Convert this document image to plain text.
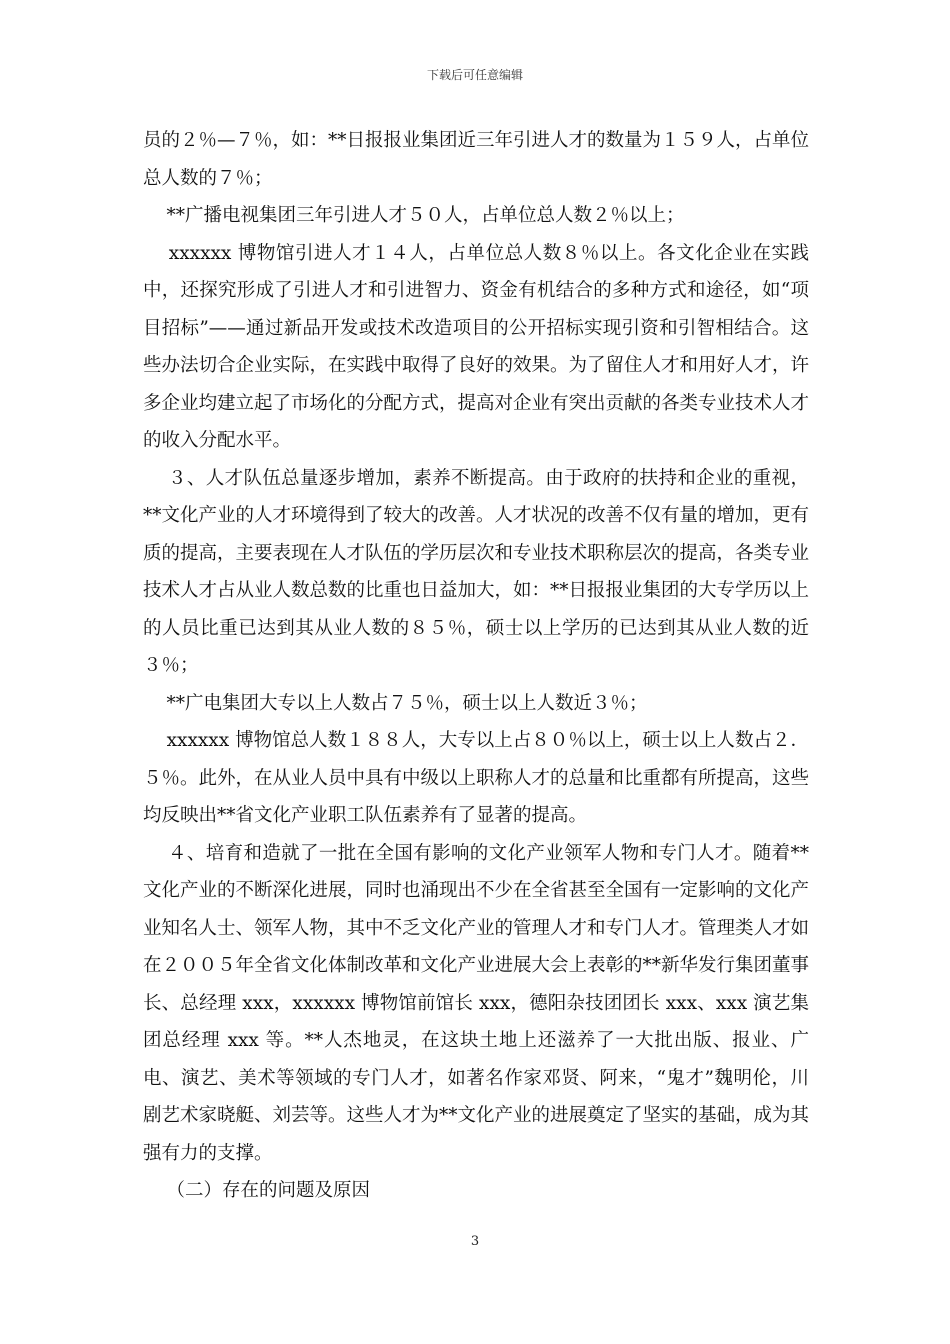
下载后可任意编辑

员的２％—７％，如：**日报报业集团近三年引进人才的数量为１５９人，占单位总人数的７％；

**广播电视集团三年引进人才５０人，占单位总人数２％以上；

xxxxxx 博物馆引进人才１４人，占单位总人数８％以上。各文化企业在实践中，还探究形成了引进人才和引进智力、资金有机结合的多种方式和途径，如“项目招标”——通过新品开发或技术改造项目的公开招标实现引资和引智相结合。这些办法切合企业实际，在实践中取得了良好的效果。为了留住人才和用好人才，许多企业均建立起了市场化的分配方式，提高对企业有突出贡献的各类专业技术人才的收入分配水平。

３、人才队伍总量逐步增加，素养不断提高。由于政府的扶持和企业的重视，**文化产业的人才环境得到了较大的改善。人才状况的改善不仅有量的增加，更有质的提高，主要表现在人才队伍的学历层次和专业技术职称层次的提高，各类专业技术人才占从业人数总数的比重也日益加大，如：**日报报业集团的大专学历以上的人员比重已达到其从业人数的８５％，硕士以上学历的已达到其从业人数的近３％；

**广电集团大专以上人数占７５％，硕士以上人数近３％；

xxxxxx 博物馆总人数１８８人，大专以上占８０％以上，硕士以上人数占２．５％。此外，在从业人员中具有中级以上职称人才的总量和比重都有所提高，这些均反映出**省文化产业职工队伍素养有了显著的提高。

４、培育和造就了一批在全国有影响的文化产业领军人物和专门人才。随着**文化产业的不断深化进展，同时也涌现出不少在全省甚至全国有一定影响的文化产业知名人士、领军人物，其中不乏文化产业的管理人才和专门人才。管理类人才如在２００５年全省文化体制改革和文化产业进展大会上表彰的**新华发行集团董事长、总经理 xxx，xxxxxx 博物馆前馆长 xxx，德阳杂技团团长 xxx、xxx 演艺集团总经理 xxx 等。**人杰地灵，在这块土地上还滋养了一大批出版、报业、广电、演艺、美术等领域的专门人才，如著名作家邓贤、阿来，“鬼才”魏明伦，川剧艺术家晓艇、刘芸等。这些人才为**文化产业的进展奠定了坚实的基础，成为其强有力的支撑。

（二）存在的问题及原因

3
